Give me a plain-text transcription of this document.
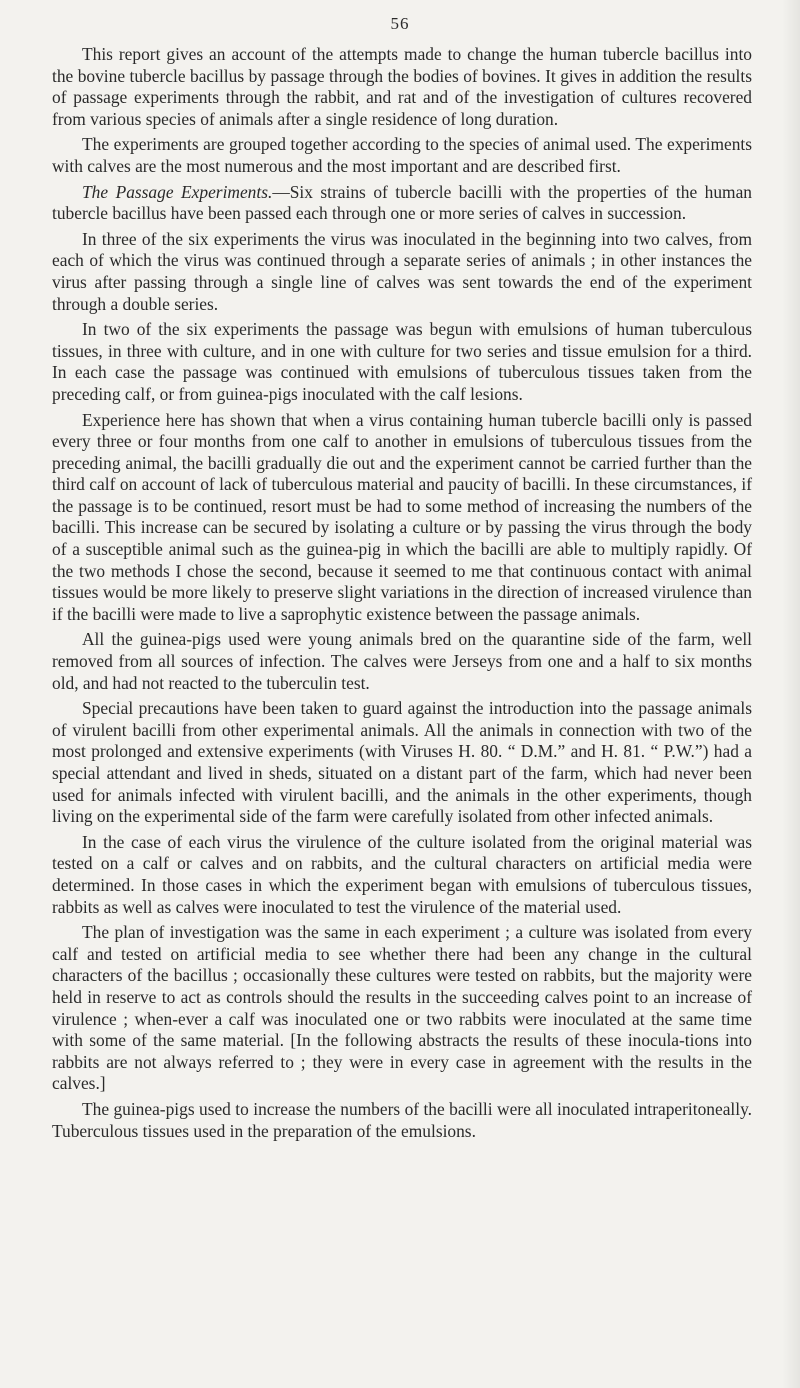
56

This report gives an account of the attempts made to change the human tubercle bacillus into the bovine tubercle bacillus by passage through the bodies of bovines. It gives in addition the results of passage experiments through the rabbit, and rat and of the investigation of cultures recovered from various species of animals after a single residence of long duration.

The experiments are grouped together according to the species of animal used. The experiments with calves are the most numerous and the most important and are described first.

The Passage Experiments.—Six strains of tubercle bacilli with the properties of the human tubercle bacillus have been passed each through one or more series of calves in succession.

In three of the six experiments the virus was inoculated in the beginning into two calves, from each of which the virus was continued through a separate series of animals ; in other instances the virus after passing through a single line of calves was sent towards the end of the experiment through a double series.

In two of the six experiments the passage was begun with emulsions of human tuberculous tissues, in three with culture, and in one with culture for two series and tissue emulsion for a third. In each case the passage was continued with emulsions of tuberculous tissues taken from the preceding calf, or from guinea-pigs inoculated with the calf lesions.

Experience here has shown that when a virus containing human tubercle bacilli only is passed every three or four months from one calf to another in emulsions of tuberculous tissues from the preceding animal, the bacilli gradually die out and the experiment cannot be carried further than the third calf on account of lack of tuberculous material and paucity of bacilli. In these circumstances, if the passage is to be continued, resort must be had to some method of increasing the numbers of the bacilli. This increase can be secured by isolating a culture or by passing the virus through the body of a susceptible animal such as the guinea-pig in which the bacilli are able to multiply rapidly. Of the two methods I chose the second, because it seemed to me that continuous contact with animal tissues would be more likely to preserve slight variations in the direction of increased virulence than if the bacilli were made to live a saprophytic existence between the passage animals.

All the guinea-pigs used were young animals bred on the quarantine side of the farm, well removed from all sources of infection. The calves were Jerseys from one and a half to six months old, and had not reacted to the tuberculin test.

Special precautions have been taken to guard against the introduction into the passage animals of virulent bacilli from other experimental animals. All the animals in connection with two of the most prolonged and extensive experiments (with Viruses H. 80. “ D.M.” and H. 81. “ P.W.”) had a special attendant and lived in sheds, situated on a distant part of the farm, which had never been used for animals infected with virulent bacilli, and the animals in the other experiments, though living on the experimental side of the farm were carefully isolated from other infected animals.

In the case of each virus the virulence of the culture isolated from the original material was tested on a calf or calves and on rabbits, and the cultural characters on artificial media were determined. In those cases in which the experiment began with emulsions of tuberculous tissues, rabbits as well as calves were inoculated to test the virulence of the material used.

The plan of investigation was the same in each experiment ; a culture was isolated from every calf and tested on artificial media to see whether there had been any change in the cultural characters of the bacillus ; occasionally these cultures were tested on rabbits, but the majority were held in reserve to act as controls should the results in the succeeding calves point to an increase of virulence ; when-ever a calf was inoculated one or two rabbits were inoculated at the same time with some of the same material. [In the following abstracts the results of these inocula-tions into rabbits are not always referred to ; they were in every case in agreement with the results in the calves.]

The guinea-pigs used to increase the numbers of the bacilli were all inoculated intraperitoneally. Tuberculous tissues used in the preparation of the emulsions.
